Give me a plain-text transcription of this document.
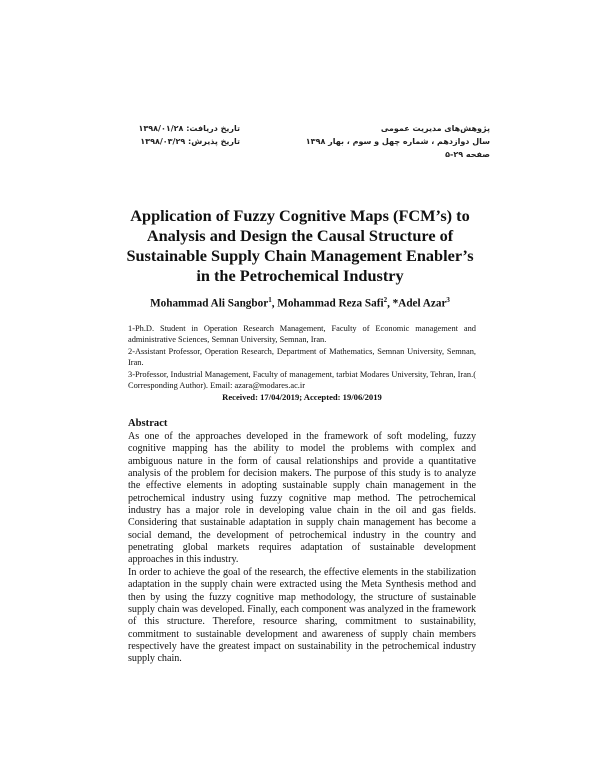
پژوهش‌های مدیریت عمومی
سال دوازدهم ، شماره چهل و سوم ، بهار ۱۳۹۸
صفحه ۲۹-۵
تاریخ دریافت: ۱۳۹۸/۰۱/۲۸
تاریخ پذیرش: ۱۳۹۸/۰۳/۲۹
Application of Fuzzy Cognitive Maps (FCM’s) to
Analysis and Design the Causal Structure of
Sustainable Supply Chain Management Enabler’s
in the Petrochemical Industry

Mohammad Ali Sangbor$^1$, Mohammad Reza Safi$^2$, *Adel Azar$^3$

1-Ph.D. Student in Operation Research Management, Faculty of Economic management and administrative Sciences, Semnan University, Semnan, Iran.

2-Assistant Professor, Operation Research, Department of Mathematics, Semnan University, Semnan, Iran.

3-Professor, Industrial Management, Faculty of management, tarbiat Modares University, Tehran, Iran.( Corresponding Author). Email: azara@modares.ac.ir

Received: 17/04/2019; Accepted: 19/06/2019

Abstract

As one of the approaches developed in the framework of soft modeling, fuzzy cognitive mapping has the ability to model the problems with complex and ambiguous nature in the form of causal relationships and provide a quantitative analysis of the problem for decision makers. The purpose of this study is to analyze the effective elements in adopting sustainable supply chain management in the petrochemical industry using fuzzy cognitive map method. The petrochemical industry has a major role in developing value chain in the oil and gas fields. Considering that sustainable adaptation in supply chain management has become a social demand, the development of petrochemical industry in the country and penetrating global markets requires adaptation of sustainable development approaches in this industry.

In order to achieve the goal of the research, the effective elements in the stabilization adaptation in the supply chain were extracted using the Meta Synthesis method and then by using the fuzzy cognitive map methodology, the structure of sustainable supply chain was developed. Finally, each component was analyzed in the framework of this structure. Therefore, resource sharing, commitment to sustainability, commitment to sustainable development and awareness of supply chain members respectively have the greatest impact on sustainability in the petrochemical industry supply chain.
